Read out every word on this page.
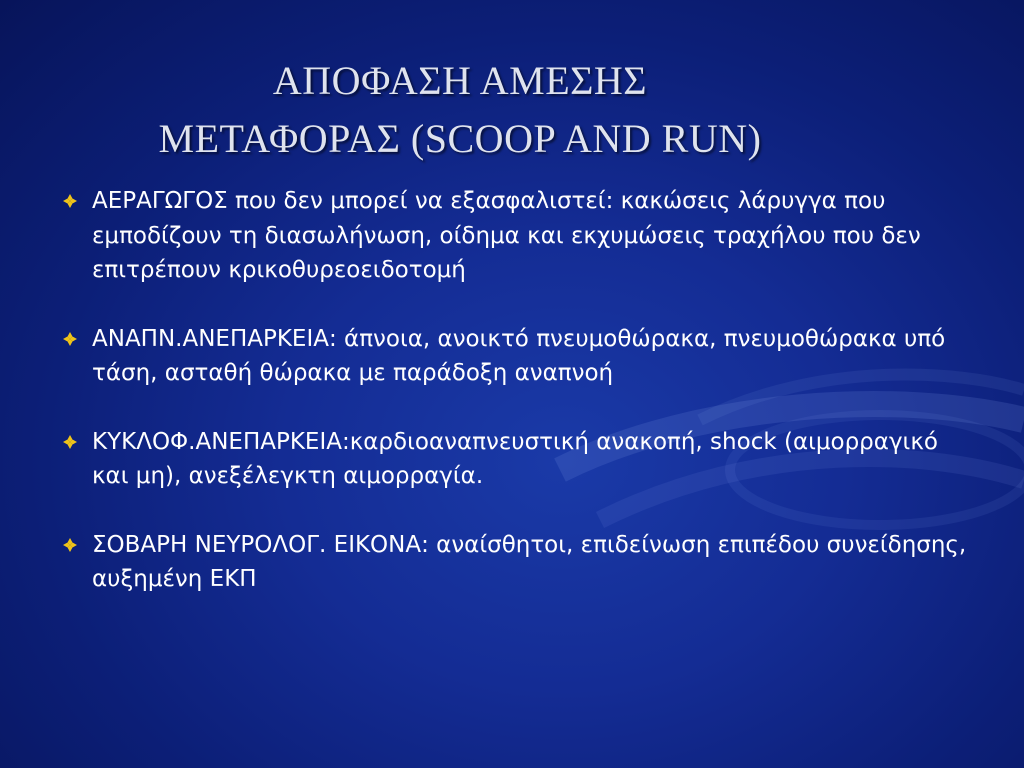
ΑΠΟΦΑΣΗ ΑΜΕΣΗΣ
ΜΕΤΑΦΟΡΑΣ (SCOOP AND RUN)
ΑΕΡΑΓΩΓΟΣ που δεν μπορεί να εξασφαλιστεί: κακώσεις λάρυγγα που εμποδίζουν τη διασωλήνωση, οίδημα και εκχυμώσεις τραχήλου που δεν επιτρέπουν κρικοθυρεοειδοτομή
ΑΝΑΠΝ.ΑΝΕΠΑΡΚΕΙΑ: άπνοια, ανοικτό πνευμοθώρακα, πνευμοθώρακα υπό τάση, ασταθή θώρακα με παράδοξη αναπνοή
ΚΥΚΛΟΦ.ΑΝΕΠΑΡΚΕΙΑ:καρδιοαναπνευστική ανακοπή, shock (αιμορραγικό και μη), ανεξέλεγκτη αιμορραγία.
ΣΟΒΑΡΗ ΝΕΥΡΟΛΟΓ. ΕΙΚΟΝΑ: αναίσθητοι, επιδείνωση επιπέδου συνείδησης, αυξημένη ΕΚΠ
